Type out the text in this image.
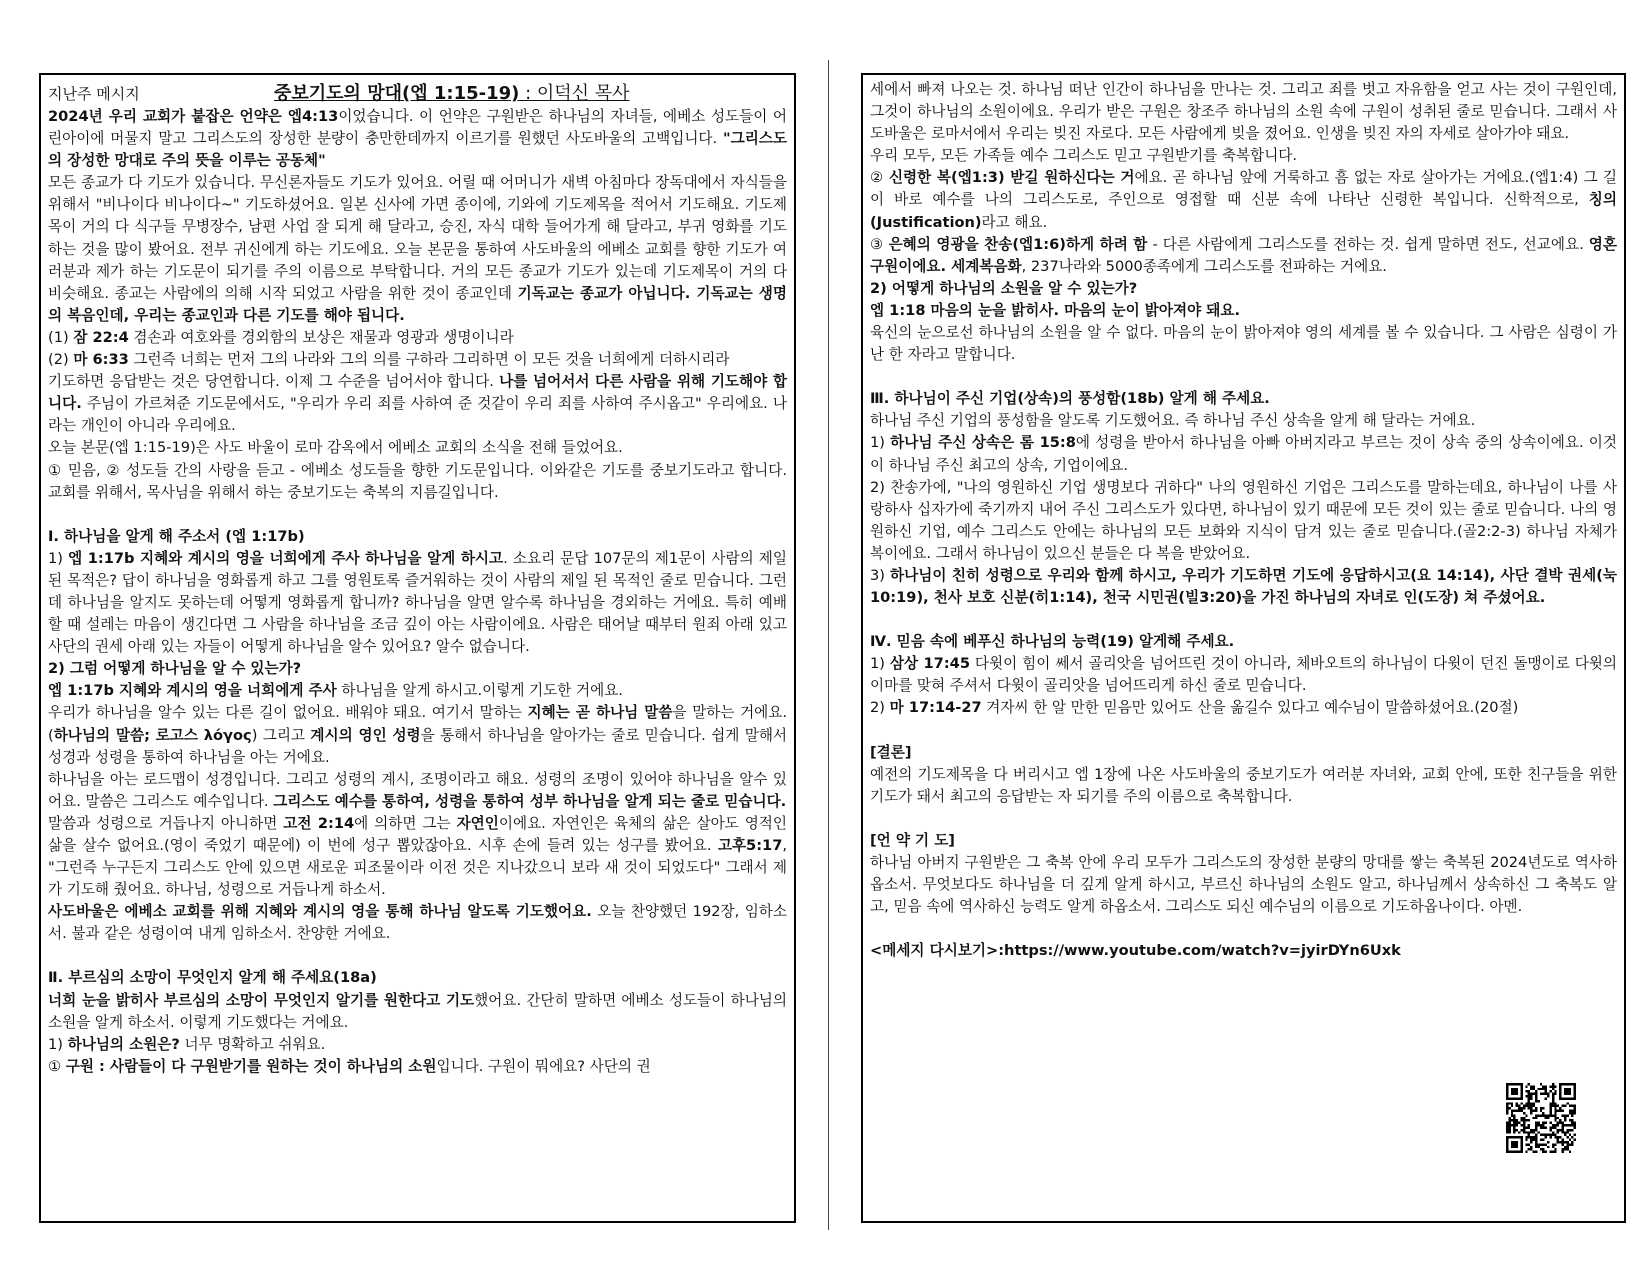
지난주 메시지	중보기도의 망대(엡 1:15-19) : 이덕신 목사

2024년 우리 교회가 붙잡은 언약은 엡4:13이었습니다. 이 언약은 구원받은 하나님의 자녀들, 에베소 성도들이 어린아이에 머물지 말고 그리스도의 장성한 분량이 충만한데까지 이르기를 원했던 사도바울의 고백입니다. "그리스도의 장성한 망대로 주의 뜻을 이루는 공동체"

모든 종교가 다 기도가 있습니다. 무신론자들도 기도가 있어요. 어릴 때 어머니가 새벽 아침마다 장독대에서 자식들을 위해서 "비나이다 비나이다~" 기도하셨어요. 일본 신사에 가면 종이에, 기와에 기도제목을 적어서 기도해요. 기도제목이 거의 다 식구들 무병장수, 남편 사업 잘 되게 해 달라고, 승진, 자식 대학 들어가게 해 달라고, 부귀 영화를 기도하는 것을 많이 봤어요. 전부 귀신에게 하는 기도에요. 오늘 본문을 통하여 사도바울의 에베소 교회를 향한 기도가 여러분과 제가 하는 기도문이 되기를 주의 이름으로 부탁합니다. 거의 모든 종교가 기도가 있는데 기도제목이 거의 다 비슷해요. 종교는 사람에의 의해 시작 되었고 사람을 위한 것이 종교인데 기독교는 종교가 아닙니다. 기독교는 생명의 복음인데, 우리는 종교인과 다른 기도를 해야 됩니다.

(1) 잠 22:4 겸손과 여호와를 경외함의 보상은 재물과 영광과 생명이니라

(2) 마 6:33 그런즉 너희는 먼저 그의 나라와 그의 의를 구하라 그리하면 이 모든 것을 너희에게 더하시리라

기도하면 응답받는 것은 당연합니다. 이제 그 수준을 넘어서야 합니다. 나를 넘어서서 다른 사람을 위해 기도해야 합니다. 주님이 가르쳐준 기도문에서도, "우리가 우리 죄를 사하여 준 것같이 우리 죄를 사하여 주시옵고" 우리에요. 나라는 개인이 아니라 우리에요.

오늘 본문(엡 1:15-19)은 사도 바울이 로마 감옥에서 에베소 교회의 소식을 전해 들었어요.

① 믿음, ② 성도들 간의 사랑을 듣고 - 에베소 성도들을 향한 기도문입니다. 이와같은 기도를 중보기도라고 합니다. 교회를 위해서, 목사님을 위해서 하는 중보기도는 축복의 지름길입니다.

Ⅰ. 하나님을 알게 해 주소서 (엡 1:17b)

1) 엡 1:17b 지혜와 계시의 영을 너희에게 주사 하나님을 알게 하시고. 소요리 문답 107문의 제1문이 사람의 제일 된 목적은? 답이 하나님을 영화롭게 하고 그를 영원토록 즐거워하는 것이 사람의 제일 된 목적인 줄로 믿습니다. 그런데 하나님을 알지도 못하는데 어떻게 영화롭게 합니까? 하나님을 알면 알수록 하나님을 경외하는 거에요. 특히 예배할 때 설레는 마음이 생긴다면 그 사람을 하나님을 조금 깊이 아는 사람이에요. 사람은 태어날 때부터 원죄 아래 있고 사단의 권세 아래 있는 자들이 어떻게 하나님을 알수 있어요? 알수 없습니다.

2) 그럼 어떻게 하나님을 알 수 있는가?

엡 1:17b 지혜와 계시의 영을 너희에게 주사 하나님을 알게 하시고.이렇게 기도한 거에요.

우리가 하나님을 알수 있는 다른 길이 없어요. 배워야 돼요. 여기서 말하는 지혜는 곧 하나님 말씀을 말하는 거에요.(하나님의 말씀; 로고스 λόγος) 그리고 계시의 영인 성령을 통해서 하나님을 알아가는 줄로 믿습니다. 쉽게 말해서 성경과 성령을 통하여 하나님을 아는 거에요.

하나님을 아는 로드맵이 성경입니다. 그리고 성령의 계시, 조명이라고 해요. 성령의 조명이 있어야 하나님을 알수 있어요. 말씀은 그리스도 예수입니다. 그리스도 예수를 통하여, 성령을 통하여 성부 하나님을 알게 되는 줄로 믿습니다.

말씀과 성령으로 거듭나지 아니하면 고전 2:14에 의하면 그는 자연인이에요. 자연인은 육체의 삶은 살아도 영적인 삶을 살수 없어요.(영이 죽었기 때문에) 이 번에 성구 뽑았잖아요. 시후 손에 들려 있는 성구를 봤어요. 고후5:17, "그런즉 누구든지 그리스도 안에 있으면 새로운 피조물이라 이전 것은 지나갔으니 보라 새 것이 되었도다" 그래서 제가 기도해 줬어요. 하나님, 성령으로 거듭나게 하소서.

사도바울은 에베소 교회를 위해 지혜와 계시의 영을 통해 하나님 알도록 기도했어요. 오늘 찬양했던 192장, 임하소서. 불과 같은 성령이여 내게 임하소서. 찬양한 거에요.

Ⅱ. 부르심의 소망이 무엇인지 알게 해 주세요(18a)

너희 눈을 밝히사 부르심의 소망이 무엇인지 알기를 원한다고 기도했어요. 간단히 말하면 에베소 성도들이 하나님의 소원을 알게 하소서. 이렇게 기도했다는 거에요.

1) 하나님의 소원은? 너무 명확하고 쉬워요.

① 구원 : 사람들이 다 구원받기를 원하는 것이 하나님의 소원입니다. 구원이 뭐에요? 사단의 권

세에서 빠져 나오는 것. 하나님 떠난 인간이 하나님을 만나는 것. 그리고 죄를 벗고 자유함을 얻고 사는 것이 구원인데, 그것이 하나님의 소원이에요. 우리가 받은 구원은 창조주 하나님의 소원 속에 구원이 성취된 줄로 믿습니다. 그래서 사도바울은 로마서에서 우리는 빚진 자로다. 모든 사람에게 빚을 졌어요. 인생을 빚진 자의 자세로 살아가야 돼요.

우리 모두, 모든 가족들 예수 그리스도 믿고 구원받기를 축복합니다.

② 신령한 복(엡1:3) 받길 원하신다는 거에요. 곧 하나님 앞에 거룩하고 흠 없는 자로 살아가는 거에요.(엡1:4) 그 길이 바로 예수를 나의 그리스도로, 주인으로 영접할 때 신분 속에 나타난 신령한 복입니다. 신학적으로, 칭의(Justification)라고 해요.

③ 은혜의 영광을 찬송(엡1:6)하게 하려 함 - 다른 사람에게 그리스도를 전하는 것. 쉽게 말하면 전도, 선교에요. 영혼 구원이에요. 세계복음화, 237나라와 5000종족에게 그리스도를 전파하는 거에요.

2) 어떻게 하나님의 소원을 알 수 있는가?

엡 1:18 마음의 눈을 밝히사. 마음의 눈이 밝아져야 돼요.

육신의 눈으로선 하나님의 소원을 알 수 없다. 마음의 눈이 밝아져야 영의 세계를 볼 수 있습니다. 그 사람은 심령이 가난 한 자라고 말합니다.

Ⅲ. 하나님이 주신 기업(상속)의 풍성함(18b) 알게 해 주세요.

하나님 주신 기업의 풍성함을 알도록 기도했어요. 즉 하나님 주신 상속을 알게 해 달라는 거에요.

1) 하나님 주신 상속은 롬 15:8에 성령을 받아서 하나님을 아빠 아버지라고 부르는 것이 상속 중의 상속이에요. 이것이 하나님 주신 최고의 상속, 기업이에요.

2) 찬송가에, "나의 영원하신 기업 생명보다 귀하다" 나의 영원하신 기업은 그리스도를 말하는데요, 하나님이 나를 사랑하사 십자가에 죽기까지 내어 주신 그리스도가 있다면, 하나님이 있기 때문에 모든 것이 있는 줄로 믿습니다. 나의 영원하신 기업, 예수 그리스도 안에는 하나님의 모든 보화와 지식이 담겨 있는 줄로 믿습니다.(골2:2-3) 하나님 자체가 복이에요. 그래서 하나님이 있으신 분들은 다 복을 받았어요.

3) 하나님이 친히 성령으로 우리와 함께 하시고, 우리가 기도하면 기도에 응답하시고(요 14:14), 사단 결박 권세(눅10:19), 천사 보호 신분(히1:14), 천국 시민권(빌3:20)을 가진 하나님의 자녀로 인(도장) 쳐 주셨어요.

Ⅳ. 믿음 속에 베푸신 하나님의 능력(19) 알게해 주세요.

1) 삼상 17:45 다윗이 힘이 쎄서 골리앗을 넘어뜨린 것이 아니라, 체바오트의 하나님이 다윗이 던진 돌맹이로 다윗의 이마를 맞혀 주셔서 다윗이 골리앗을 넘어뜨리게 하신 줄로 믿습니다.

2) 마 17:14-27 겨자씨 한 알 만한 믿음만 있어도 산을 옮길수 있다고 예수님이 말씀하셨어요.(20절)

[결론]

예전의 기도제목을 다 버리시고 엡 1장에 나온 사도바울의 중보기도가 여러분 자녀와, 교회 안에, 또한 친구들을 위한 기도가 돼서 최고의 응답받는 자 되기를 주의 이름으로 축복합니다.

[언 약 기 도]

하나님 아버지 구원받은 그 축복 안에 우리 모두가 그리스도의 장성한 분량의 망대를 쌓는 축복된 2024년도로 역사하옵소서. 무엇보다도 하나님을 더 깊게 알게 하시고, 부르신 하나님의 소원도 알고, 하나님께서 상속하신 그 축복도 알고, 믿음 속에 역사하신 능력도 알게 하옵소서. 그리스도 되신 예수님의 이름으로 기도하옵나이다. 아멘.

<메세지 다시보기>:https://www.youtube.com/watch?v=jyirDYn6Uxk
